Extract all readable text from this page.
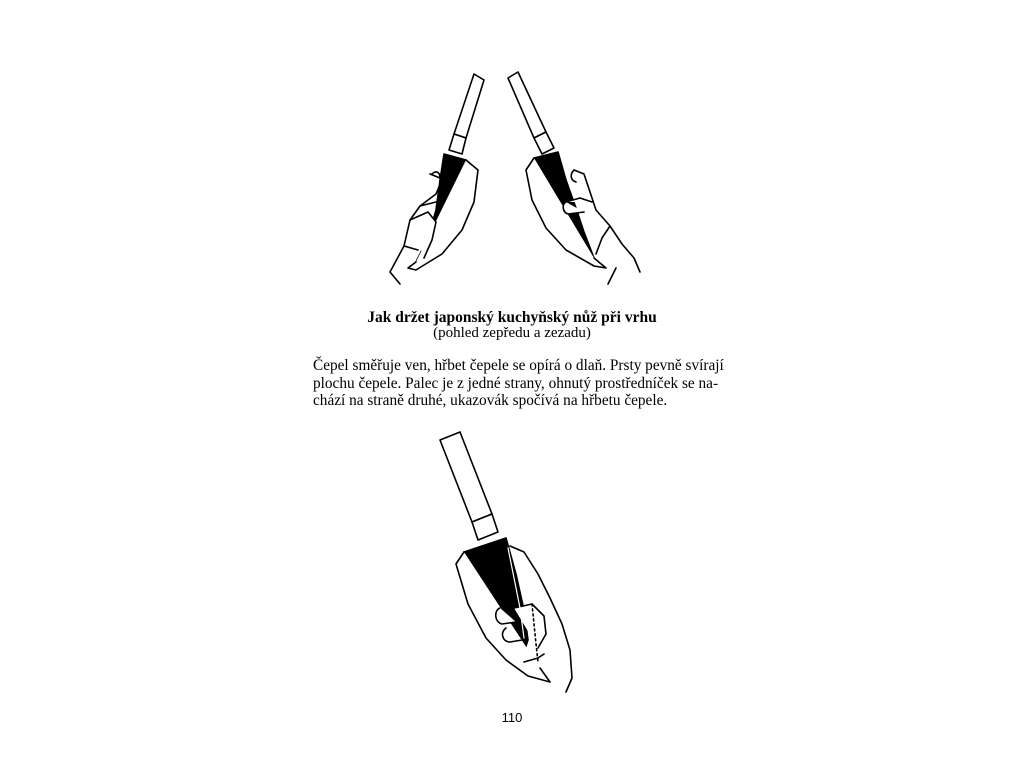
Jak držet japonský kuchyňský nůž při vrhu
(pohled zepředu a zezadu)
Čepel směřuje ven, hřbet čepele se opírá o dlaň. Prsty pevně svírají
plochu čepele. Palec je z jedné strany, ohnutý prostředníček se na-
chází na straně druhé, ukazovák spočívá na hřbetu čepele.
110
